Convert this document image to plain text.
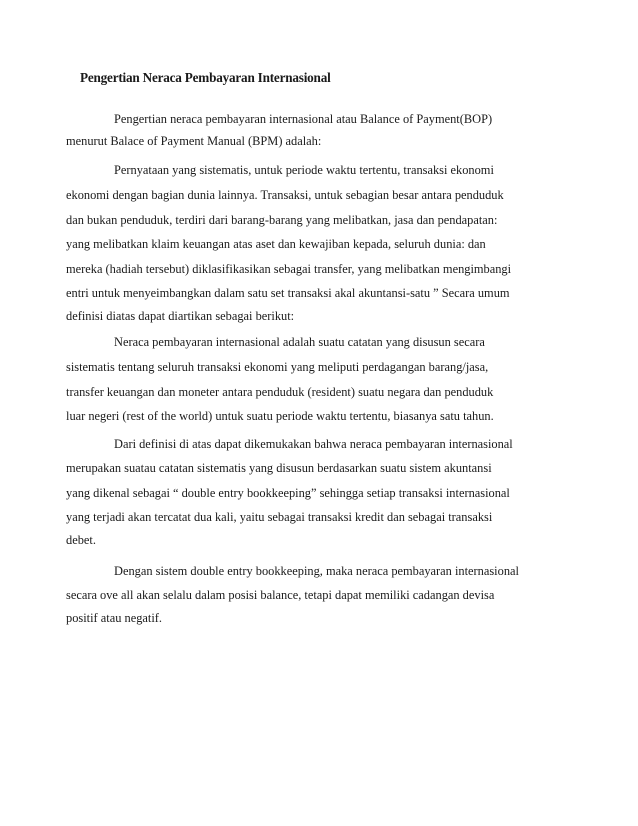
Pengertian Neraca Pembayaran Internasional
Pengertian neraca pembayaran internasional atau Balance of Payment(BOP)
menurut Balace of Payment Manual (BPM) adalah:
Pernyataan yang sistematis, untuk periode waktu tertentu, transaksi ekonomi
ekonomi dengan bagian dunia lainnya. Transaksi, untuk sebagian besar antara penduduk
dan bukan penduduk, terdiri dari barang-barang yang melibatkan, jasa dan pendapatan:
yang melibatkan klaim keuangan atas aset dan kewajiban kepada, seluruh dunia: dan
mereka (hadiah tersebut) diklasifikasikan sebagai transfer, yang melibatkan mengimbangi
entri untuk menyeimbangkan dalam satu set transaksi akal akuntansi-satu ” Secara umum
definisi diatas dapat diartikan sebagai berikut:
Neraca pembayaran internasional adalah suatu catatan yang disusun secara
sistematis tentang seluruh transaksi ekonomi yang meliputi perdagangan barang/jasa,
transfer keuangan dan moneter antara penduduk (resident) suatu negara dan penduduk
luar negeri (rest of the world) untuk suatu periode waktu tertentu, biasanya satu tahun.
Dari definisi di atas dapat dikemukakan bahwa neraca pembayaran internasional
merupakan suatau catatan sistematis yang disusun berdasarkan suatu sistem akuntansi
yang dikenal sebagai “ double entry bookkeeping” sehingga setiap transaksi internasional
yang terjadi akan tercatat dua kali, yaitu sebagai transaksi kredit dan sebagai transaksi
debet.
Dengan sistem double entry bookkeeping, maka neraca pembayaran internasional
secara ove all akan selalu dalam posisi balance, tetapi dapat memiliki cadangan devisa
positif atau negatif.
